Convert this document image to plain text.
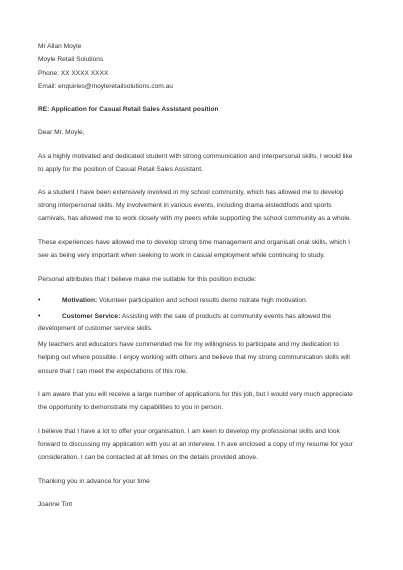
Mr Allan Moyle
Moyle Retail Solutions
Phone: XX XXXX XXXX
Email: enquiries@moyleretailsolutions.com.au
RE: Application for Casual Retail Sales Assistant position
Dear Mr. Moyle,
As a highly motivated and dedicated student with strong communication and interpersonal skills, I would like
to apply for the position of Casual Retail Sales Assistant.
As a student I have been extensively involved in my school community, which has allowed me to develop
strong interpersonal skills. My involvement in various events, including drama eisteddfods and sports
carnivals, has allowed me to work closely with my peers while supporting the school community as a whole.
These experiences have allowed me to develop strong time management and organisati onal skills, which I
see as being very important when seeking to work in casual employment while continuing to study.
Personal attributes that I believe make me suitable for this position include:
•	Motivation: Volunteer participation and school results demo nstrate high motivation.
•	Customer Service: Assisting with the sale of products at community events has allowed the
development of customer service skills.
My teachers and educators have commended me for my willingness to participate and my dedication to
helping out where possible. I enjoy working with others and believe that my strong communication skills will
ensure that I can meet the expectations of this role.
I am aware that you will receive a large number of applications for this job, but I would very much appreciate
the opportunity to demonstrate my capabilities to you in person.
I believe that I have a lot to offer your organisation. I am keen to develop my professional skills and look
forward to discussing my application with you at an interview. I h ave enclosed a copy of my resume for your
consideration. I can be contacted at all times on the details provided above.
Thanking you in advance for your time
Joanne Tint
